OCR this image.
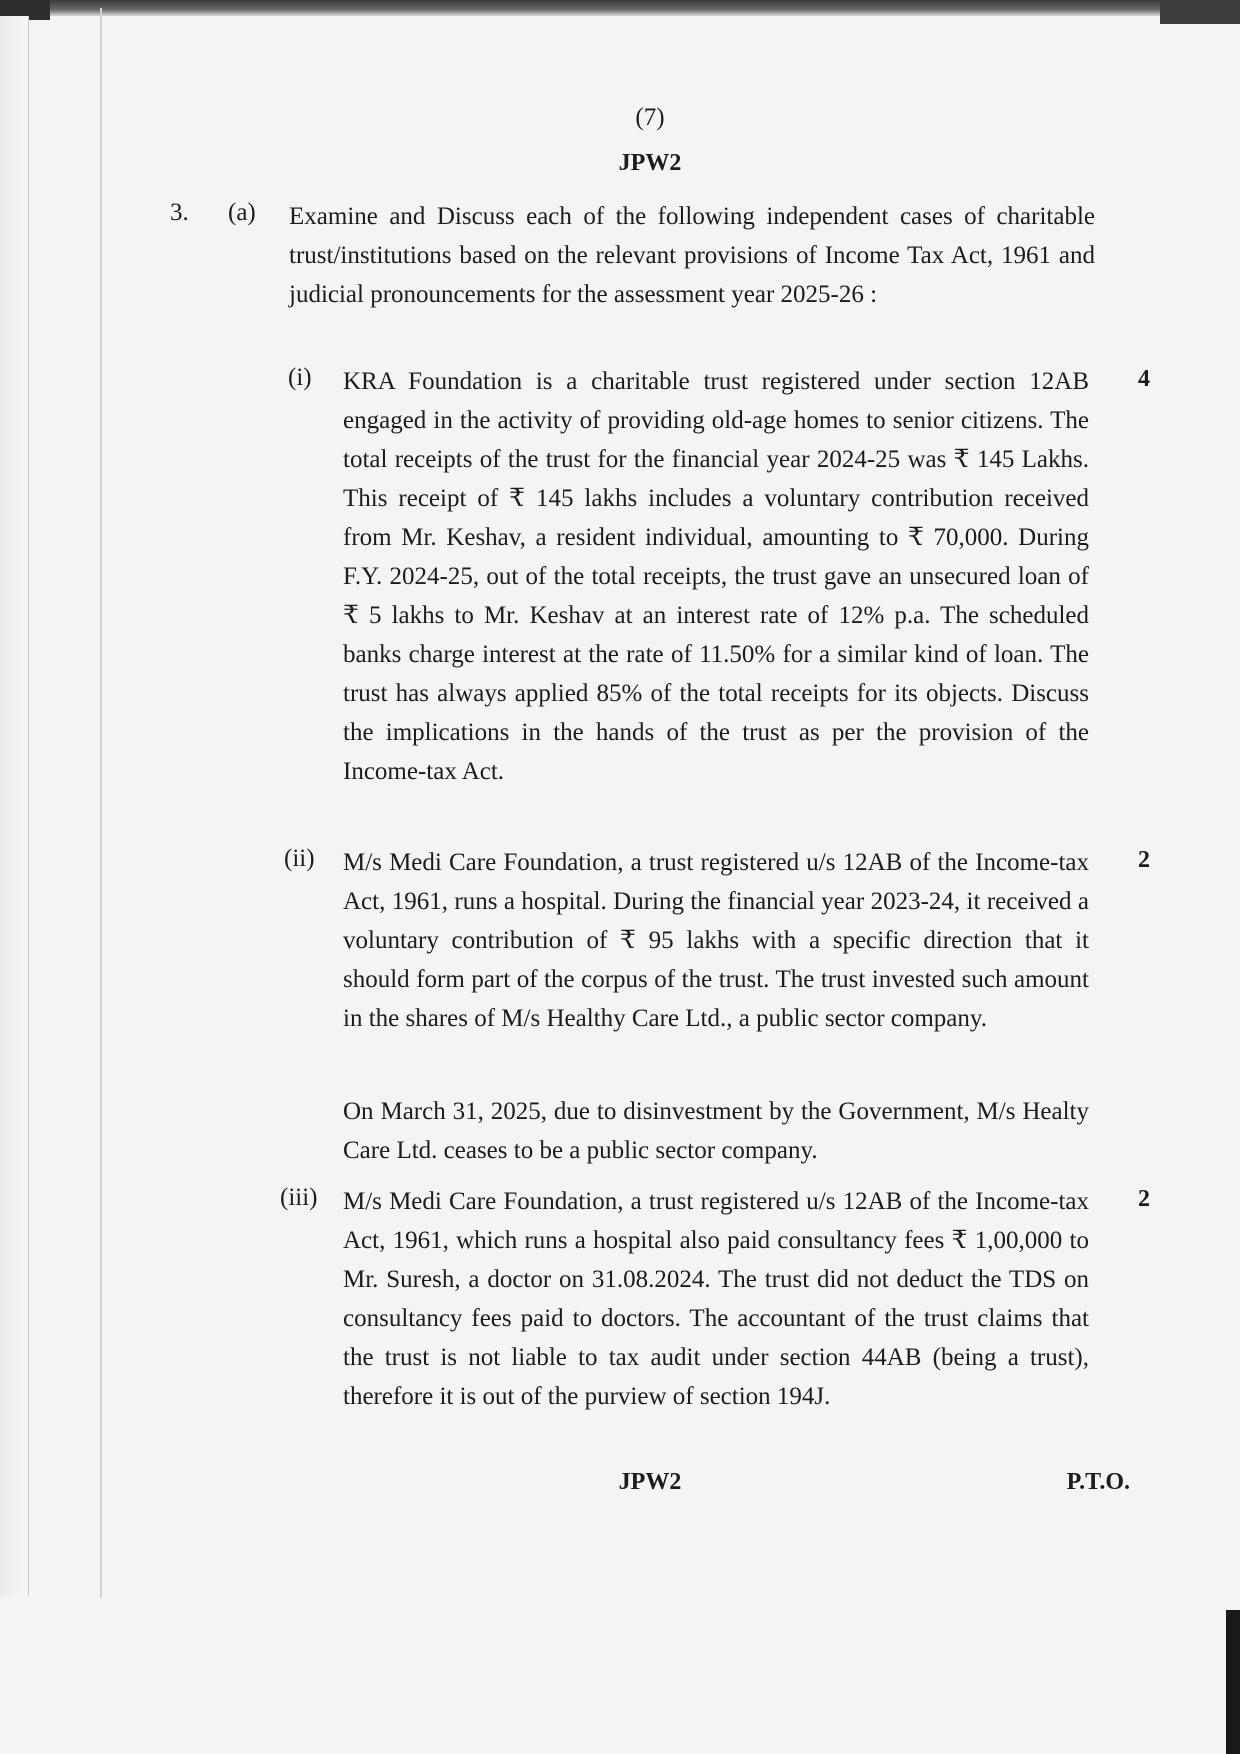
(7)
JPW2
3. (a) Examine and Discuss each of the following independent cases of charitable trust/institutions based on the relevant provisions of Income Tax Act, 1961 and judicial pronouncements for the assessment year 2025-26 :

(i)	4

KRA Foundation is a charitable trust registered under section 12AB engaged in the activity of providing old-age homes to senior citizens. The total receipts of the trust for the financial year 2024-25 was ₹ 145 Lakhs. This receipt of ₹ 145 lakhs includes a voluntary contribution received from Mr. Keshav, a resident individual, amounting to ₹ 70,000. During F.Y. 2024-25, out of the total receipts, the trust gave an unsecured loan of ₹ 5 lakhs to Mr. Keshav at an interest rate of 12% p.a. The scheduled banks charge interest at the rate of 11.50% for a similar kind of loan. The trust has always applied 85% of the total receipts for its objects. Discuss the implications in the hands of the trust as per the provision of the Income-tax Act.

(ii)	2

M/s Medi Care Foundation, a trust registered u/s 12AB of the Income-tax Act, 1961, runs a hospital. During the financial year 2023-24, it received a voluntary contribution of ₹ 95 lakhs with a specific direction that it should form part of the corpus of the trust. The trust invested such amount in the shares of M/s Healthy Care Ltd., a public sector company.

On March 31, 2025, due to disinvestment by the Government, M/s Healty Care Ltd. ceases to be a public sector company.

(iii)	2

M/s Medi Care Foundation, a trust registered u/s 12AB of the Income-tax Act, 1961, which runs a hospital also paid consultancy fees ₹ 1,00,000 to Mr. Suresh, a doctor on 31.08.2024. The trust did not deduct the TDS on consultancy fees paid to doctors. The accountant of the trust claims that the trust is not liable to tax audit under section 44AB (being a trust), therefore it is out of the purview of section 194J.

JPW2	P.T.O.
